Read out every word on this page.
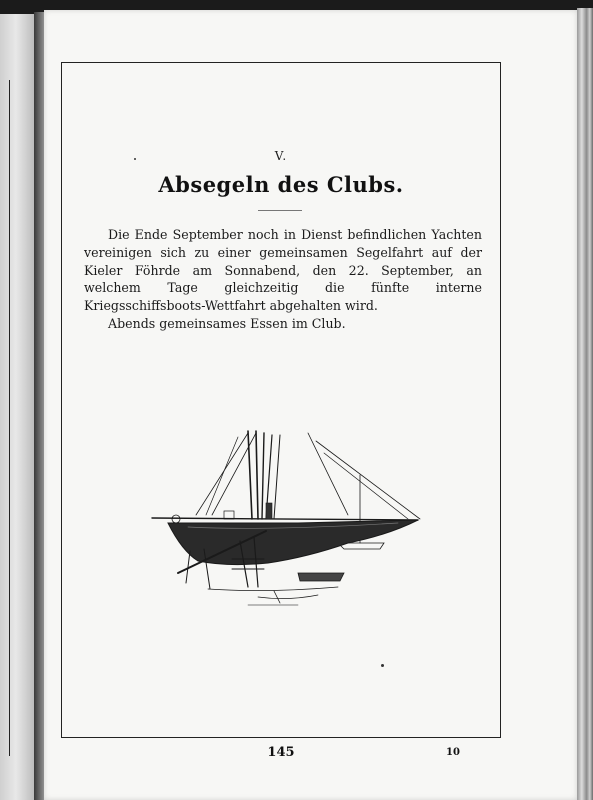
V.
Absegeln des Clubs.

Die Ende September noch in Dienst befindlichen Yachten vereinigen sich zu einer gemeinsamen Segelfahrt auf der Kieler Föhrde am Sonnabend, den 22. September, an welchem Tage gleichzeitig die fünfte interne Kriegsschiffsboots-Wettfahrt abgehalten wird.

Abends gemeinsames Essen im Club.

145	10
